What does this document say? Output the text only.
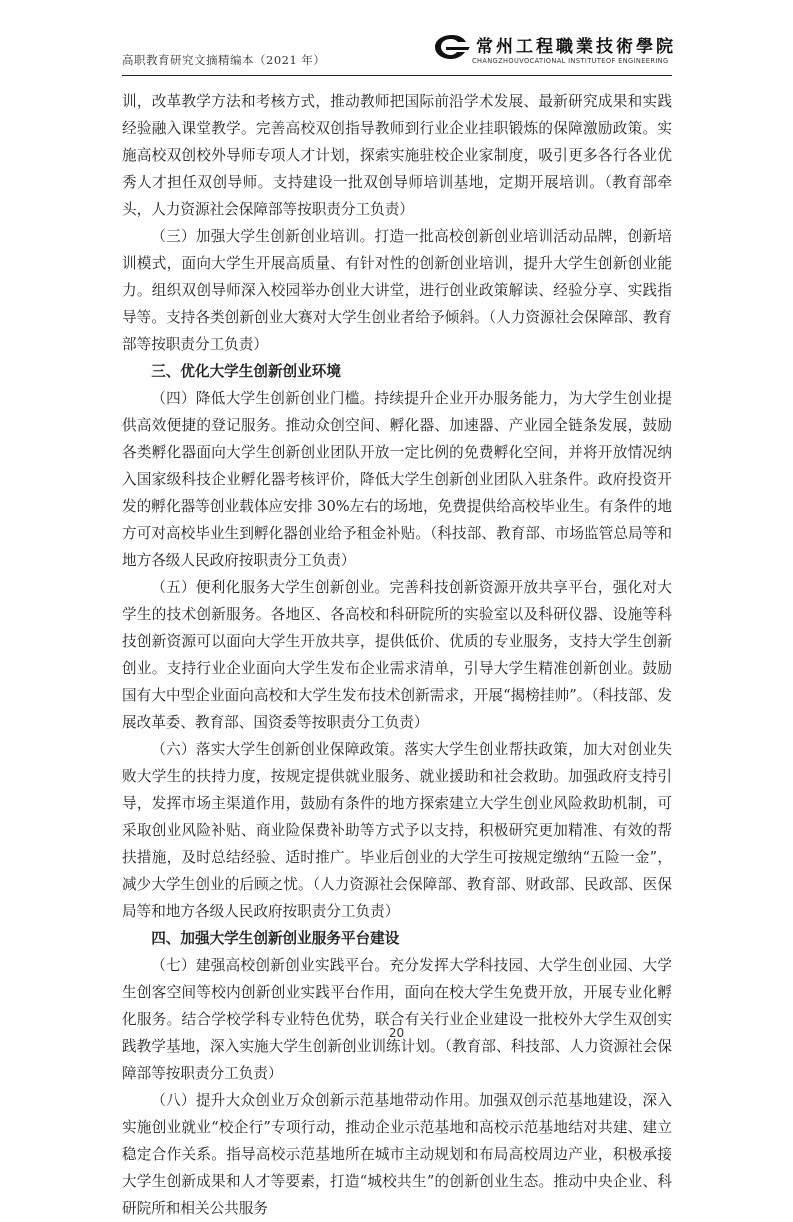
高职教育研究文摘精编本（2021 年）
常州工程職業技術學院
CHANGZHOUVOCATIONAL INSTITUTEOF ENGINEERING

训，改革教学方法和考核方式，推动教师把国际前沿学术发展、最新研究成果和实践经验融入课堂教学。完善高校双创指导教师到行业企业挂职锻炼的保障激励政策。实施高校双创校外导师专项人才计划，探索实施驻校企业家制度，吸引更多各行各业优秀人才担任双创导师。支持建设一批双创导师培训基地，定期开展培训。（教育部牵头，人力资源社会保障部等按职责分工负责）

（三）加强大学生创新创业培训。打造一批高校创新创业培训活动品牌，创新培训模式，面向大学生开展高质量、有针对性的创新创业培训，提升大学生创新创业能力。组织双创导师深入校园举办创业大讲堂，进行创业政策解读、经验分享、实践指导等。支持各类创新创业大赛对大学生创业者给予倾斜。（人力资源社会保障部、教育部等按职责分工负责）

三、优化大学生创新创业环境

（四）降低大学生创新创业门槛。持续提升企业开办服务能力，为大学生创业提供高效便捷的登记服务。推动众创空间、孵化器、加速器、产业园全链条发展，鼓励各类孵化器面向大学生创新创业团队开放一定比例的免费孵化空间，并将开放情况纳入国家级科技企业孵化器考核评价，降低大学生创新创业团队入驻条件。政府投资开发的孵化器等创业载体应安排 30%左右的场地，免费提供给高校毕业生。有条件的地方可对高校毕业生到孵化器创业给予租金补贴。（科技部、教育部、市场监管总局等和地方各级人民政府按职责分工负责）

（五）便利化服务大学生创新创业。完善科技创新资源开放共享平台，强化对大学生的技术创新服务。各地区、各高校和科研院所的实验室以及科研仪器、设施等科技创新资源可以面向大学生开放共享，提供低价、优质的专业服务，支持大学生创新创业。支持行业企业面向大学生发布企业需求清单，引导大学生精准创新创业。鼓励国有大中型企业面向高校和大学生发布技术创新需求，开展“揭榜挂帅”。（科技部、发展改革委、教育部、国资委等按职责分工负责）

（六）落实大学生创新创业保障政策。落实大学生创业帮扶政策，加大对创业失败大学生的扶持力度，按规定提供就业服务、就业援助和社会救助。加强政府支持引导，发挥市场主渠道作用，鼓励有条件的地方探索建立大学生创业风险救助机制，可采取创业风险补贴、商业险保费补助等方式予以支持，积极研究更加精准、有效的帮扶措施，及时总结经验、适时推广。毕业后创业的大学生可按规定缴纳“五险一金”，减少大学生创业的后顾之忧。（人力资源社会保障部、教育部、财政部、民政部、医保局等和地方各级人民政府按职责分工负责）

四、加强大学生创新创业服务平台建设

（七）建强高校创新创业实践平台。充分发挥大学科技园、大学生创业园、大学生创客空间等校内创新创业实践平台作用，面向在校大学生免费开放，开展专业化孵化服务。结合学校学科专业特色优势，联合有关行业企业建设一批校外大学生双创实践教学基地，深入实施大学生创新创业训练计划。（教育部、科技部、人力资源社会保障部等按职责分工负责）

（八）提升大众创业万众创新示范基地带动作用。加强双创示范基地建设，深入实施创业就业“校企行”专项行动，推动企业示范基地和高校示范基地结对共建、建立稳定合作关系。指导高校示范基地所在城市主动规划和布局高校周边产业，积极承接大学生创新成果和人才等要素，打造“城校共生”的创新创业生态。推动中央企业、科研院所和相关公共服务

20
